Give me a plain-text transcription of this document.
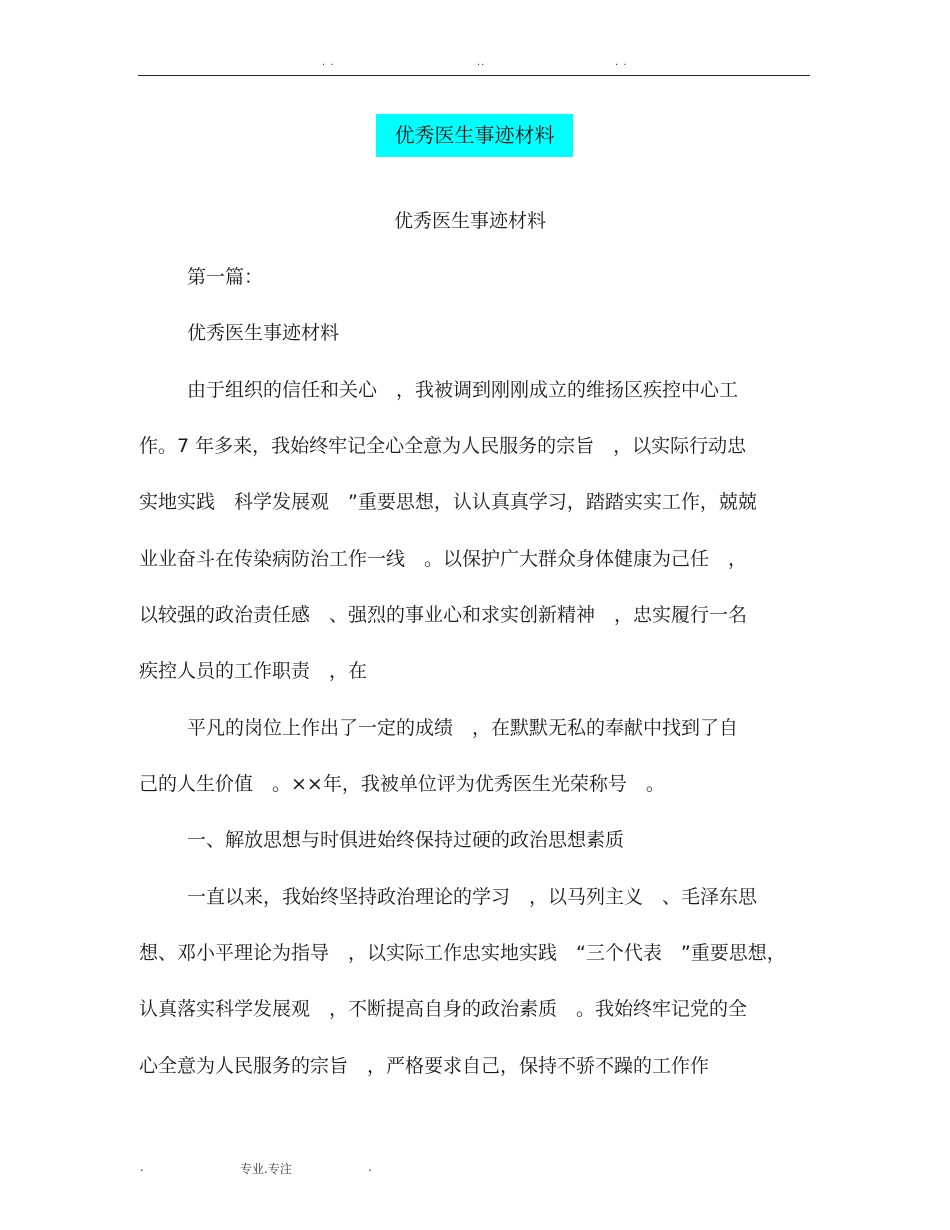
· ·	··	· ·
优秀医生事迹材料
优秀医生事迹材料
第一篇：
优秀医生事迹材料
由于组织的信任和关心　，我被调到刚刚成立的维扬区疾控中心工
作。7 年多来，我始终牢记全心全意为人民服务的宗旨　，以实际行动忠
实地实践　科学发展观　”重要思想，认认真真学习，踏踏实实工作，兢兢
业业奋斗在传染病防治工作一线　。以保护广大群众身体健康为己任　，
以较强的政治责任感　、强烈的事业心和求实创新精神　，忠实履行一名
疾控人员的工作职责　，在
平凡的岗位上作出了一定的成绩　，在默默无私的奉献中找到了自
己的人生价值　。××年，我被单位评为优秀医生光荣称号　。
一、解放思想与时俱进始终保持过硬的政治思想素质
一直以来，我始终坚持政治理论的学习　，以马列主义　、毛泽东思
想、邓小平理论为指导　，以实际工作忠实地实践　“三个代表　”重要思想，
认真落实科学发展观　，不断提高自身的政治素质　。我始终牢记党的全
心全意为人民服务的宗旨　，严格要求自己，保持不骄不躁的工作作
.	专业.专注	.
